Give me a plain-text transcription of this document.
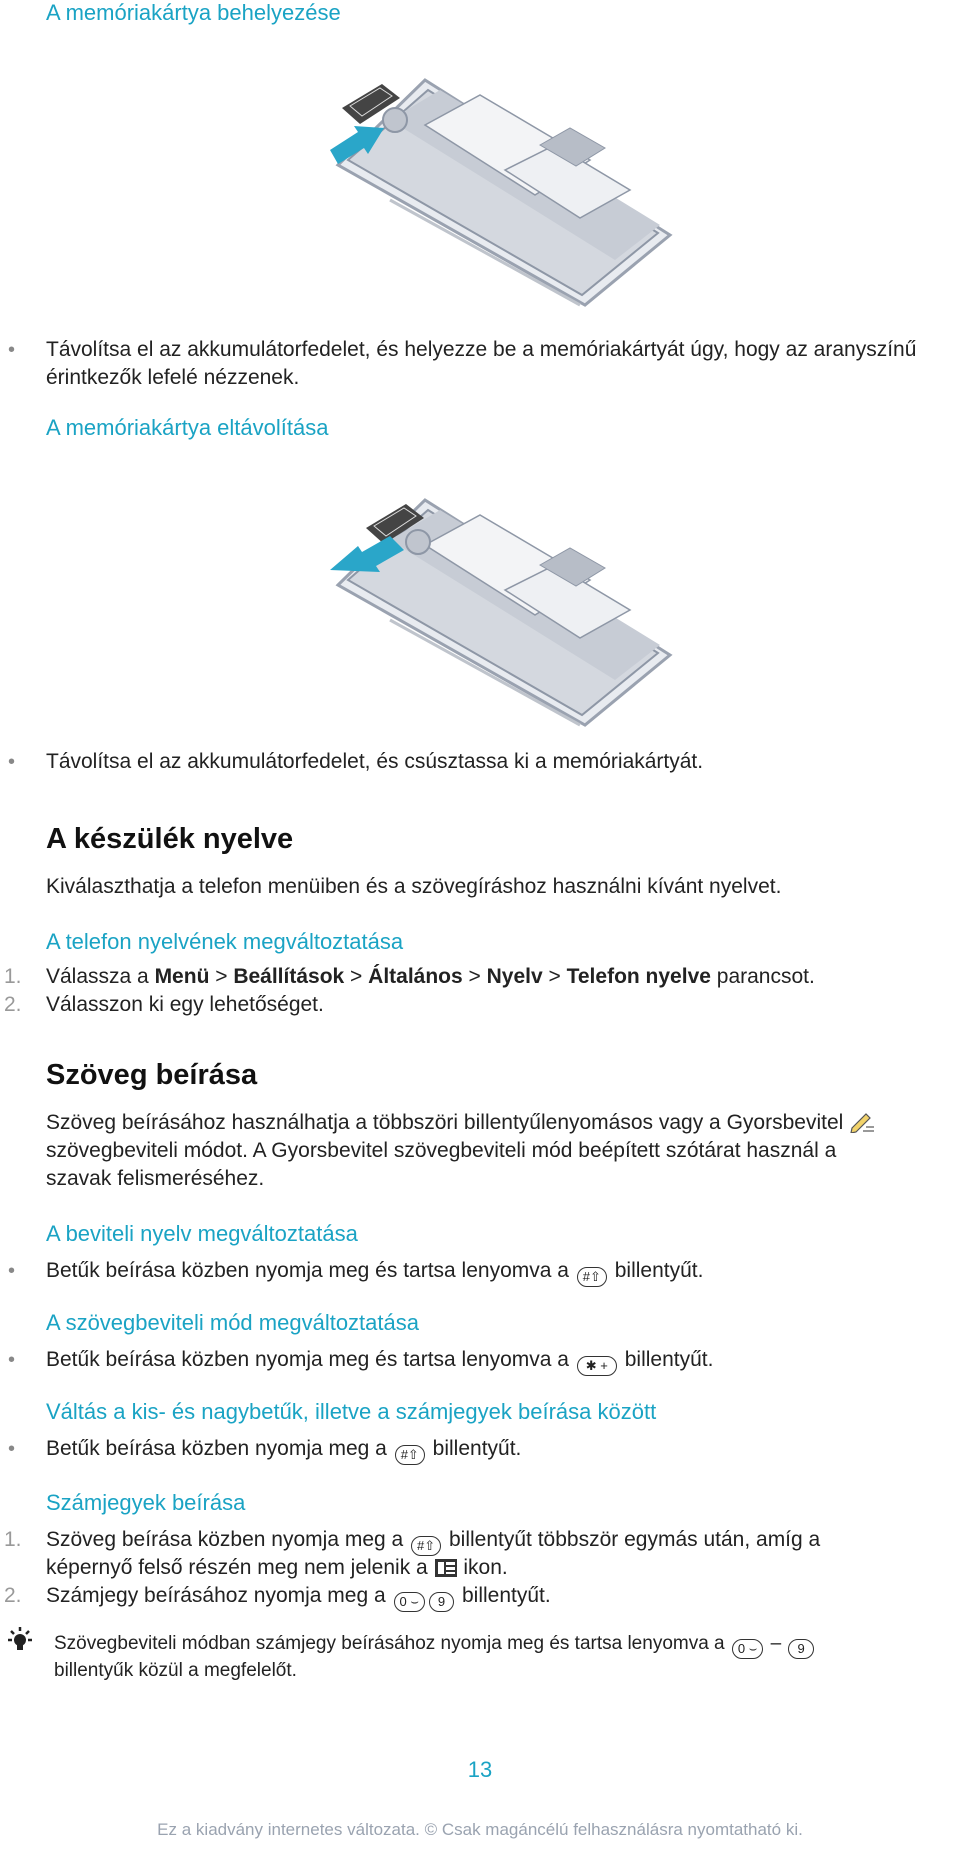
A memóriakártya behelyezése
• Távolítsa el az akkumulátorfedelet, és helyezze be a memóriakártyát úgy, hogy az aranyszínű érintkezők lefelé nézzenek.
A memóriakártya eltávolítása
• Távolítsa el az akkumulátorfedelet, és csúsztassa ki a memóriakártyát.
A készülék nyelve
Kiválaszthatja a telefon menüiben és a szövegíráshoz használni kívánt nyelvet.
A telefon nyelvének megváltoztatása
1. Válassza a Menü > Beállítások > Általános > Nyelv > Telefon nyelve parancsot.
2. Válasszon ki egy lehetőséget.
Szöveg beírása
Szöveg beírásához használhatja a többszöri billentyűlenyomásos vagy a Gyorsbevitel
szövegbeviteli módot. A Gyorsbevitel szövegbeviteli mód beépített szótárat használ a
szavak felismeréséhez.
A beviteli nyelv megváltoztatása
• Betűk beírása közben nyomja meg és tartsa lenyomva a #⇧ billentyűt.
A szövegbeviteli mód megváltoztatása
• Betűk beírása közben nyomja meg és tartsa lenyomva a ✱ + billentyűt.
Váltás a kis- és nagybetűk, illetve a számjegyek beírása között
• Betűk beírása közben nyomja meg a #⇧ billentyűt.
Számjegyek beírása
1. Szöveg beírása közben nyomja meg a #⇧ billentyűt többször egymás után, amíg a
képernyő felső részén meg nem jelenik a  ikon.
2. Számjegy beírásához nyomja meg a 0 ⌣ 9 billentyűt.
Szövegbeviteli módban számjegy beírásához nyomja meg és tartsa lenyomva a 0 ⌣ – 9
billentyűk közül a megfelelőt.
13
Ez a kiadvány internetes változata. © Csak magáncélú felhasználásra nyomtatható ki.
